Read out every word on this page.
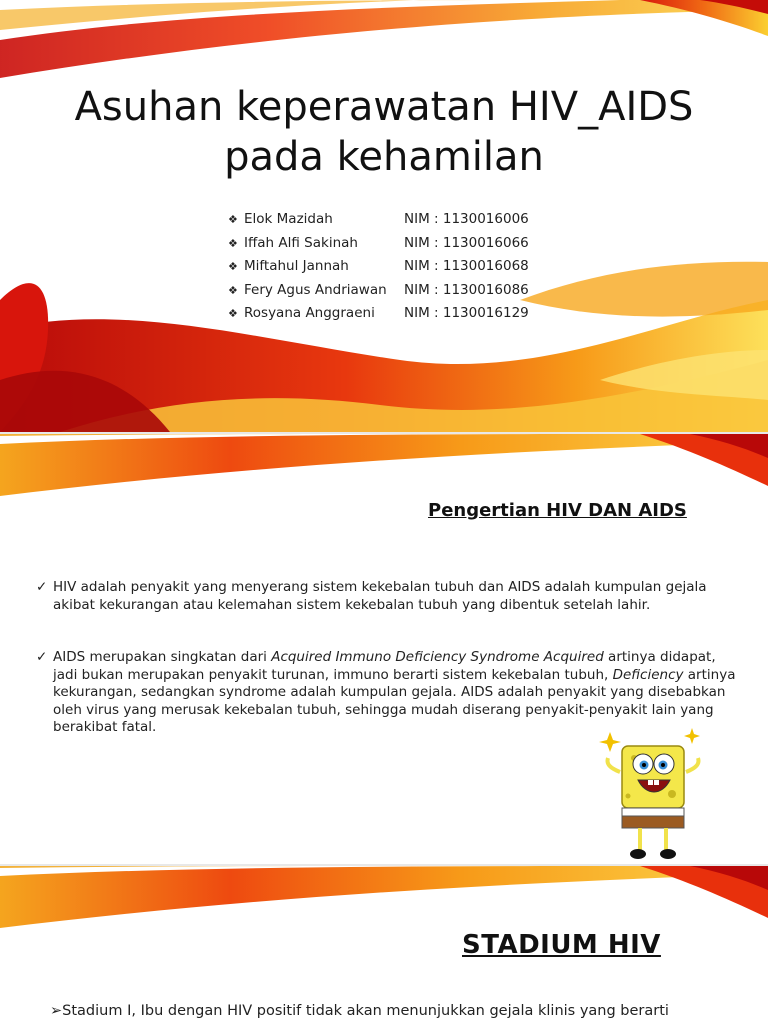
Asuhan keperawatan HIV_AIDS
pada kehamilan
❖ Elok Mazidah	NIM : 1130016006
❖ Iffah Alfi Sakinah	NIM : 1130016066
❖ Miftahul Jannah	NIM : 1130016068
❖ Fery Agus Andriawan NIM : 1130016086
❖ Rosyana Anggraeni NIM : 1130016129
Pengertian HIV DAN AIDS
✓ HIV adalah penyakit yang menyerang sistem kekebalan tubuh dan AIDS adalah kumpulan gejala akibat kekurangan atau kelemahan sistem kekebalan tubuh yang dibentuk setelah lahir.
✓ AIDS merupakan singkatan dari Acquired Immuno Deficiency Syndrome Acquired artinya didapat, jadi bukan merupakan penyakit turunan, immuno berarti sistem kekebalan tubuh, Deficiency artinya kekurangan, sedangkan syndrome adalah kumpulan gejala. AIDS adalah penyakit yang disebabkan oleh virus yang merusak kekebalan tubuh, sehingga mudah diserang penyakit-penyakit lain yang berakibat fatal.
STADIUM HIV
➢Stadium I, Ibu dengan HIV positif tidak akan menunjukkan gejala klinis yang berarti
